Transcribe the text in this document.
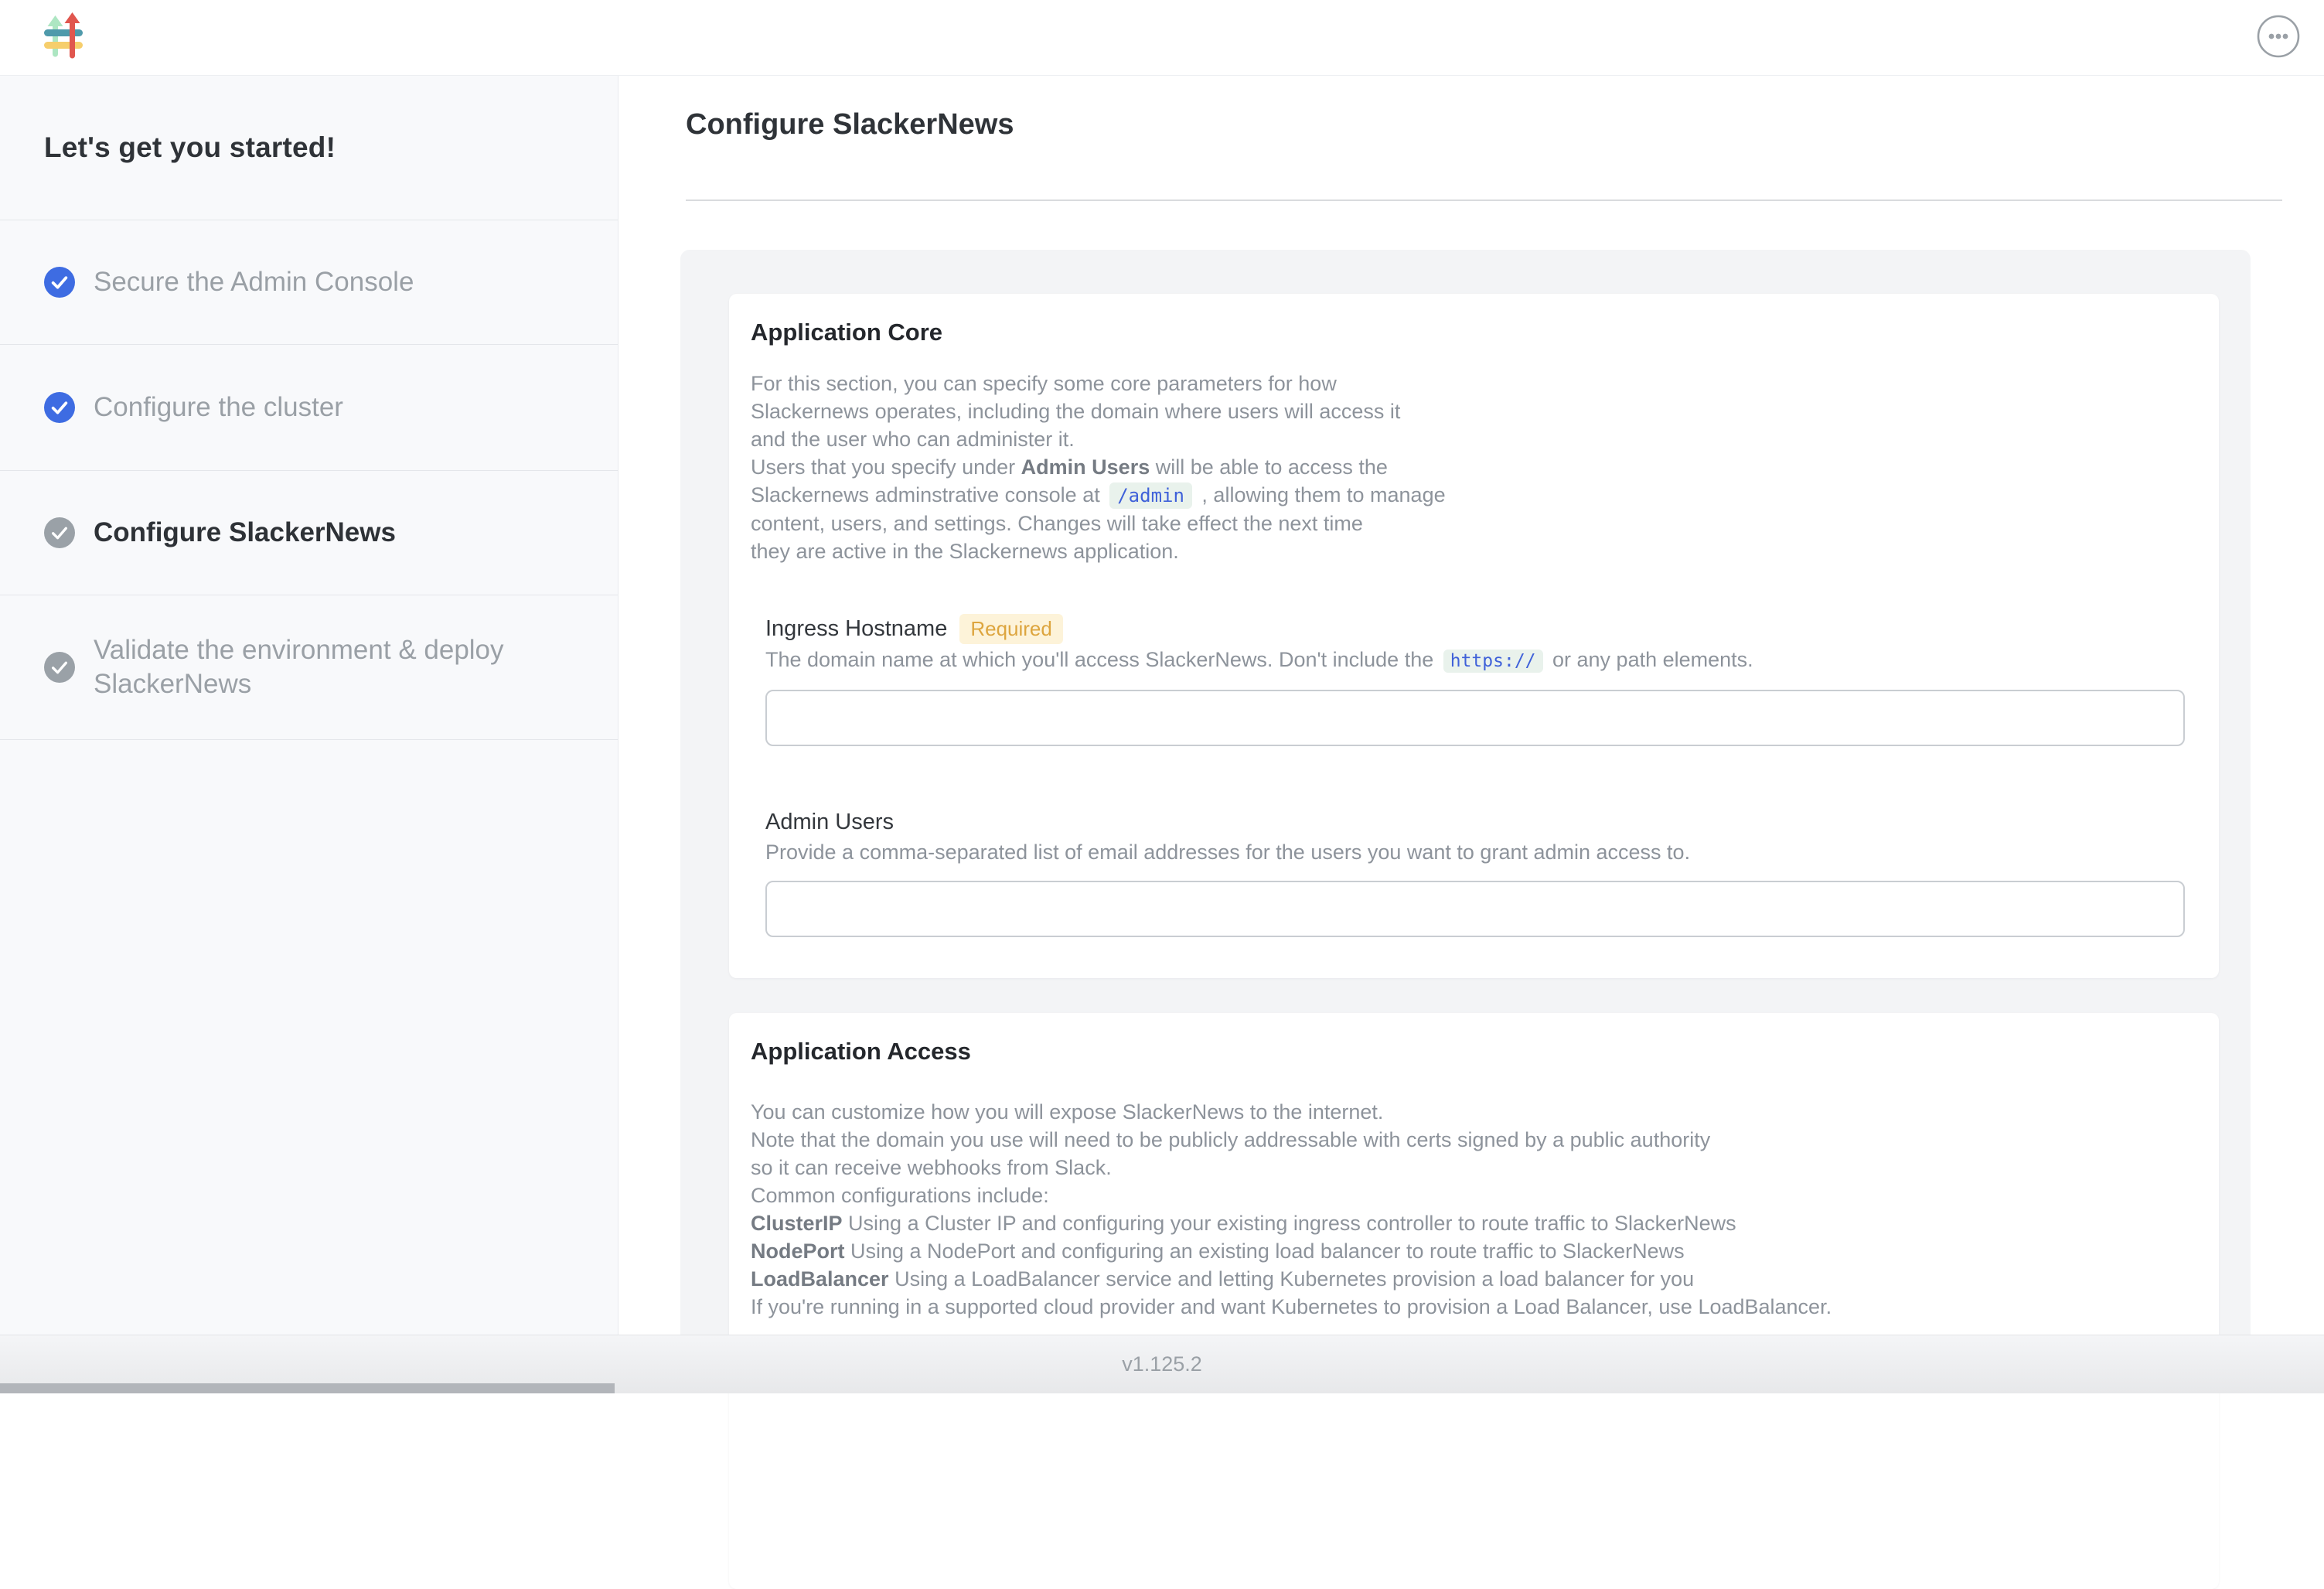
Let's get you started!
Secure the Admin Console
Configure the cluster
Configure SlackerNews
Validate the environment & deploy SlackerNews
Configure SlackerNews
Application Core
For this section, you can specify some core parameters for how
Slackernews operates, including the domain where users will access it
and the user who can administer it.
Users that you specify under Admin Users will be able to access the
Slackernews adminstrative console at /admin , allowing them to manage
content, users, and settings. Changes will take effect the next time
they are active in the Slackernews application.
Ingress Hostname	Required
The domain name at which you'll access SlackerNews. Don't include the https:// or any path elements.
Admin Users
Provide a comma-separated list of email addresses for the users you want to grant admin access to.
Application Access
You can customize how you will expose SlackerNews to the internet.
Note that the domain you use will need to be publicly addressable with certs signed by a public authority
so it can receive webhooks from Slack.
Common configurations include:
ClusterIP Using a Cluster IP and configuring your existing ingress controller to route traffic to SlackerNews
NodePort Using a NodePort and configuring an existing load balancer to route traffic to SlackerNews
LoadBalancer Using a LoadBalancer service and letting Kubernetes provision a load balancer for you
If you're running in a supported cloud provider and want Kubernetes to provision a Load Balancer, use LoadBalancer.
v1.125.2
